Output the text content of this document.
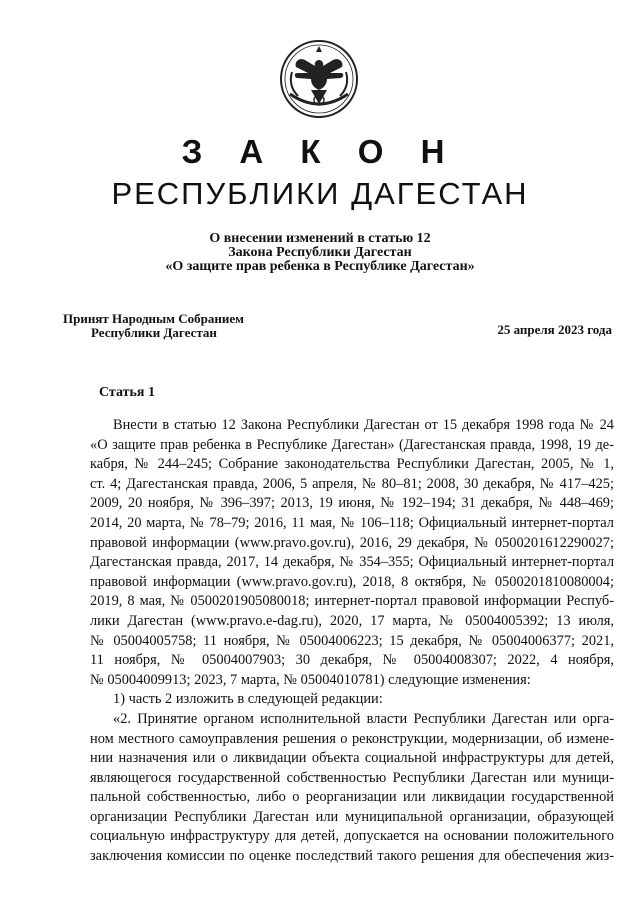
З А К О Н
РЕСПУБЛИКИ ДАГЕСТАН
О внесении изменений в статью 12
Закона Республики Дагестан
«О защите прав ребенка в Республике Дагестан»
Принят Народным Собранием
Республики Дагестан	25 апреля 2023 года
Статья 1
Внести в статью 12 Закона Республики Дагестан от 15 декабря 1998 года № 24
«О защите прав ребенка в Республике Дагестан» (Дагестанская правда, 1998, 19 де-
кабря, № 244–245; Собрание законодательства Республики Дагестан, 2005, № 1,
ст. 4; Дагестанская правда, 2006, 5 апреля, № 80–81; 2008, 30 декабря, № 417–425;
2009, 20 ноября, № 396–397; 2013, 19 июня, № 192–194; 31 декабря, № 448–469;
2014, 20 марта, № 78–79; 2016, 11 мая, № 106–118; Официальный интернет-портал
правовой информации (www.pravo.gov.ru), 2016, 29 декабря, № 0500201612290027;
Дагестанская правда, 2017, 14 декабря, № 354–355; Официальный интернет-портал
правовой информации (www.pravo.gov.ru), 2018, 8 октября, № 0500201810080004;
2019, 8 мая, № 0500201905080018; интернет-портал правовой информации Респуб-
лики Дагестан (www.pravo.e-dag.ru), 2020, 17 марта, № 05004005392; 13 июля,
№ 05004005758; 11 ноября, № 05004006223; 15 декабря, № 05004006377; 2021,
11 ноября, № 05004007903; 30 декабря, № 05004008307; 2022, 4 ноября,
№ 05004009913; 2023, 7 марта, № 05004010781) следующие изменения:
1) часть 2 изложить в следующей редакции:
«2. Принятие органом исполнительной власти Республики Дагестан или орга-
ном местного самоуправления решения о реконструкции, модернизации, об измене-
нии назначения или о ликвидации объекта социальной инфраструктуры для детей,
являющегося государственной собственностью Республики Дагестан или муници-
пальной собственностью, либо о реорганизации или ликвидации государственной
организации Республики Дагестан или муниципальной организации, образующей
социальную инфраструктуру для детей, допускается на основании положительного
заключения комиссии по оценке последствий такого решения для обеспечения жиз-
